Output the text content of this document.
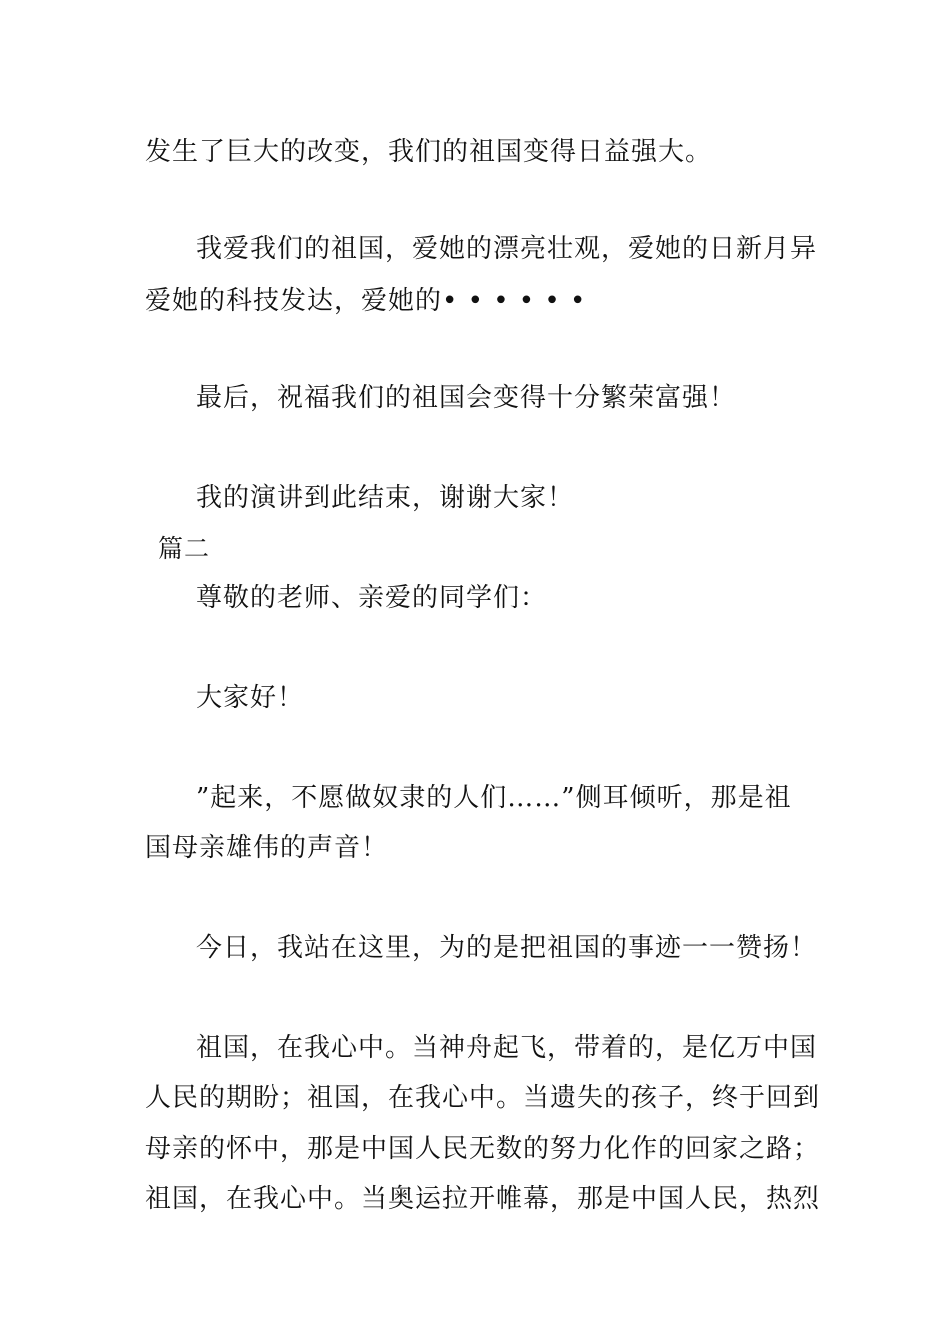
发生了巨大的改变，我们的祖国变得日益强大。
我爱我们的祖国，爱她的漂亮壮观，爱她的日新月异
爱她的科技发达，爱她的• • • • • •
最后，祝福我们的祖国会变得十分繁荣富强！
我的演讲到此结束，谢谢大家！
篇二
尊敬的老师、亲爱的同学们：
大家好！
”起来，不愿做奴隶的人们……”侧耳倾听，那是祖
国母亲雄伟的声音！
今日，我站在这里，为的是把祖国的事迹一一赞扬！
祖国，在我心中。当神舟起飞，带着的，是亿万中国
人民的期盼；祖国，在我心中。当遗失的孩子，终于回到
母亲的怀中，那是中国人民无数的努力化作的回家之路；
祖国，在我心中。当奥运拉开帷幕，那是中国人民，热烈
